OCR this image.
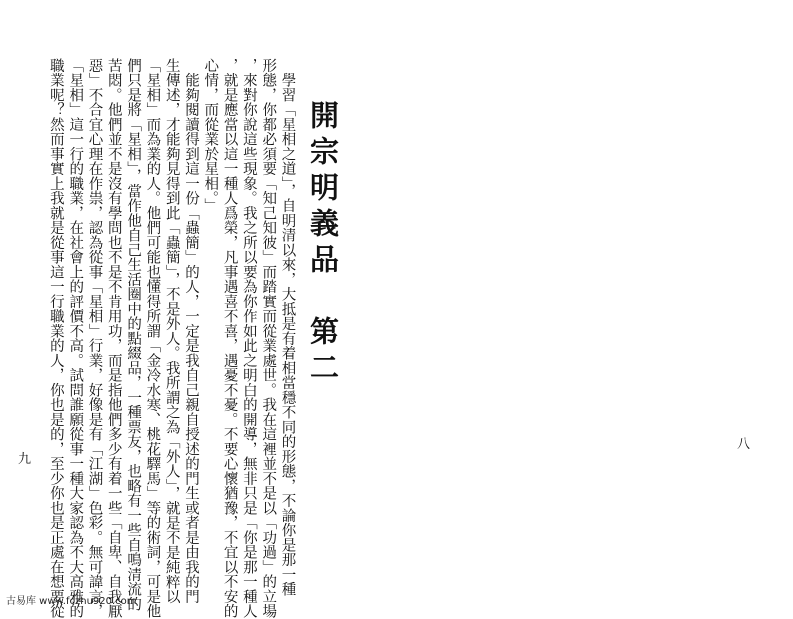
開宗明義品　第二
　學習「星相之道」，自明清以來，大抵是有着相當穩不同的形態，不論你是那一種
形態，你都必須要「知己知彼」而踏實而從業處世。我在這裡並不是以「功過」的立場
，來對你說這些現象。我之所以要為你作如此之明白的開導，無非只是「你是那一種人
，就是應當以這一種人爲榮，凡事遇喜不喜，遇憂不憂。不要心懷猶豫，不宜以不安的
心情，而從業於星相。」
　能夠閱讀得到這一份「蟲簡」的人，一定是我自己親自授述的門生或者是由我的門
生傳述，才能夠見得到此「蟲簡」，不是外人。我所謂之為「外人」，就是不是純粹以
「星相」而為業的人。他們可能也懂得所謂「金冷水寒、桃花驛馬」等的術詞，可是他
們只是將「星相」，當作他自己生活圈中的點綴品，一種票友，也略有一些自鳴清流的
苦悶。他們並不是沒有學問也不是不肯用功，而是指他們多少有着一些「自卑、自我厭
惡」不合宜心理在作祟，認為從事「星相」行業，好像是有「江湖」色彩。無可諱言，
「星相」這一行的職業，在社會上的評價不高。試問誰願從事一種大家認為不大高雅的
職業呢？然而事實上我就是從事這一行職業的人，你也是的，至少你也是正處在想要從
九
八
古易库 www.fczhu920.com
